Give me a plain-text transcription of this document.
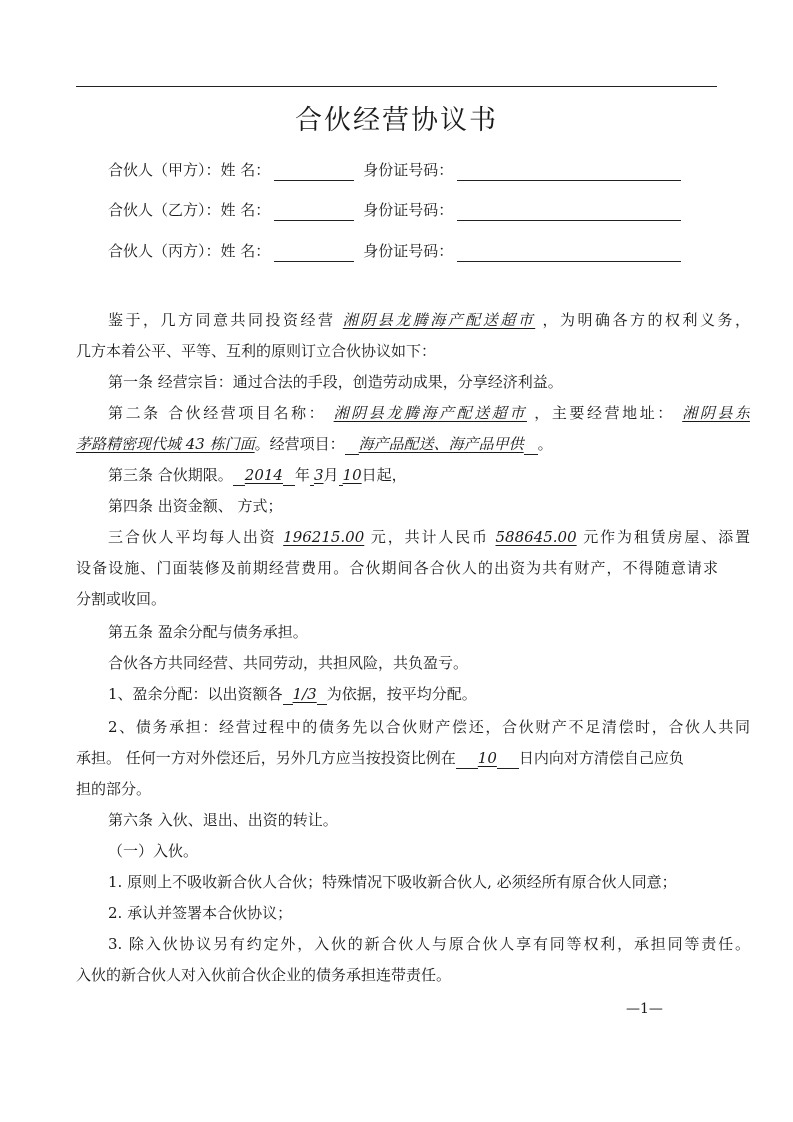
合伙经营协议书
合伙人（甲方）：姓 名：	身份证号码：
合伙人（乙方）：姓 名：	身份证号码：
合伙人（丙方）：姓 名：	身份证号码：
鉴于，几方同意共同投资经营 湘阴县龙腾海产配送超市 ，为明确各方的权利义务，
几方本着公平、平等、互利的原则订立合伙协议如下：
第一条 经营宗旨：通过合法的手段，创造劳动成果，分享经济利益。
第二条 合伙经营项目名称： 湘阴县龙腾海产配送超市 ，主要经营地址： 湘阴县东
茅路精密现代城 43 栋门面。经营项目： 海产品配送、海产品甲供 。
第三条 合伙期限。 2014 年 3月 10日起，
第四条 出资金额、 方式；
三合伙人平均每人出资 196215.00 元，共计人民币 588645.00 元作为租赁房屋、添置
设备设施、门面装修及前期经营费用。合伙期间各合伙人的出资为共有财产，不得随意请求
分割或收回。
第五条 盈余分配与债务承担。
合伙各方共同经营、共同劳动，共担风险，共负盈亏。
1、盈余分配：以出资额各 1/3 为依据，按平均分配。
2、债务承担：经营过程中的债务先以合伙财产偿还，合伙财产不足清偿时，合伙人共同
承担。 任何一方对外偿还后，另外几方应当按投资比例在 10 日内向对方清偿自己应负
担的部分。
第六条 入伙、退出、出资的转让。
（一）入伙。
1. 原则上不吸收新合伙人合伙；特殊情况下吸收新合伙人, 必须经所有原合伙人同意；
2. 承认并签署本合伙协议；
3. 除入伙协议另有约定外，入伙的新合伙人与原合伙人享有同等权利，承担同等责任。
入伙的新合伙人对入伙前合伙企业的债务承担连带责任。
—1—
